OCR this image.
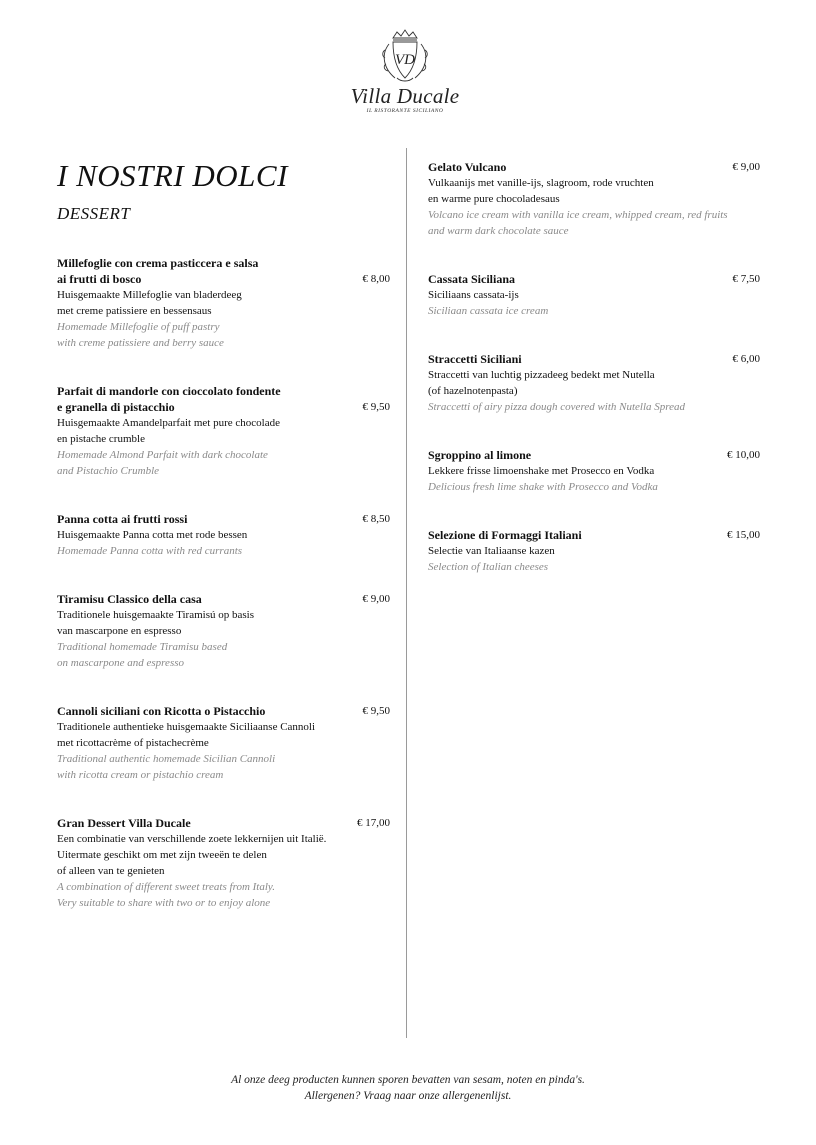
VD
Villa Ducale
IL RISTORANTE SICILIANO
I NOSTRI DOLCI
DESSERT
Millefoglie con crema pasticcera e salsa
ai frutti di bosco	€ 8,00
Huisgemaakte Millefoglie van bladerdeeg
met creme patissiere en bessensaus
Homemade Millefoglie of puff pastry
with creme patissiere and berry sauce
Parfait di mandorle con cioccolato fondente
e granella di pistacchio	€ 9,50
Huisgemaakte Amandelparfait met pure chocolade
en pistache crumble
Homemade Almond Parfait with dark chocolate
and Pistachio Crumble
Panna cotta ai frutti rossi	€ 8,50
Huisgemaakte Panna cotta met rode bessen
Homemade Panna cotta with red currants
Tiramisu Classico della casa	€ 9,00
Traditionele huisgemaakte Tiramisú op basis
van mascarpone en espresso
Traditional homemade Tiramisu based
on mascarpone and espresso
Cannoli siciliani con Ricotta o Pistacchio	€ 9,50
Traditionele authentieke huisgemaakte Siciliaanse Cannoli
met ricottacrème of pistachecrème
Traditional authentic homemade Sicilian Cannoli
with ricotta cream or pistachio cream
Gran Dessert Villa Ducale	€ 17,00
Een combinatie van verschillende zoete lekkernijen uit Italië.
Uitermate geschikt om met zijn tweeën te delen
of alleen van te genieten
A combination of different sweet treats from Italy.
Very suitable to share with two or to enjoy alone
Gelato Vulcano	€ 9,00
Vulkaanijs met vanille-ijs, slagroom, rode vruchten
en warme pure chocoladesaus
Volcano ice cream with vanilla ice cream, whipped cream, red fruits
and warm dark chocolate sauce
Cassata Siciliana	€ 7,50
Siciliaans cassata-ijs
Siciliaan cassata ice cream
Straccetti Siciliani	€ 6,00
Straccetti van luchtig pizzadeeg bedekt met Nutella
(of hazelnotenpasta)
Straccetti of airy pizza dough covered with Nutella Spread
Sgroppino al limone	€ 10,00
Lekkere frisse limoenshake met Prosecco en Vodka
Delicious fresh lime shake with Prosecco and Vodka
Selezione di Formaggi Italiani	€ 15,00
Selectie van Italiaanse kazen
Selection of Italian cheeses
Al onze deeg producten kunnen sporen bevatten van sesam, noten en pinda's.
Allergenen? Vraag naar onze allergenenlijst.
